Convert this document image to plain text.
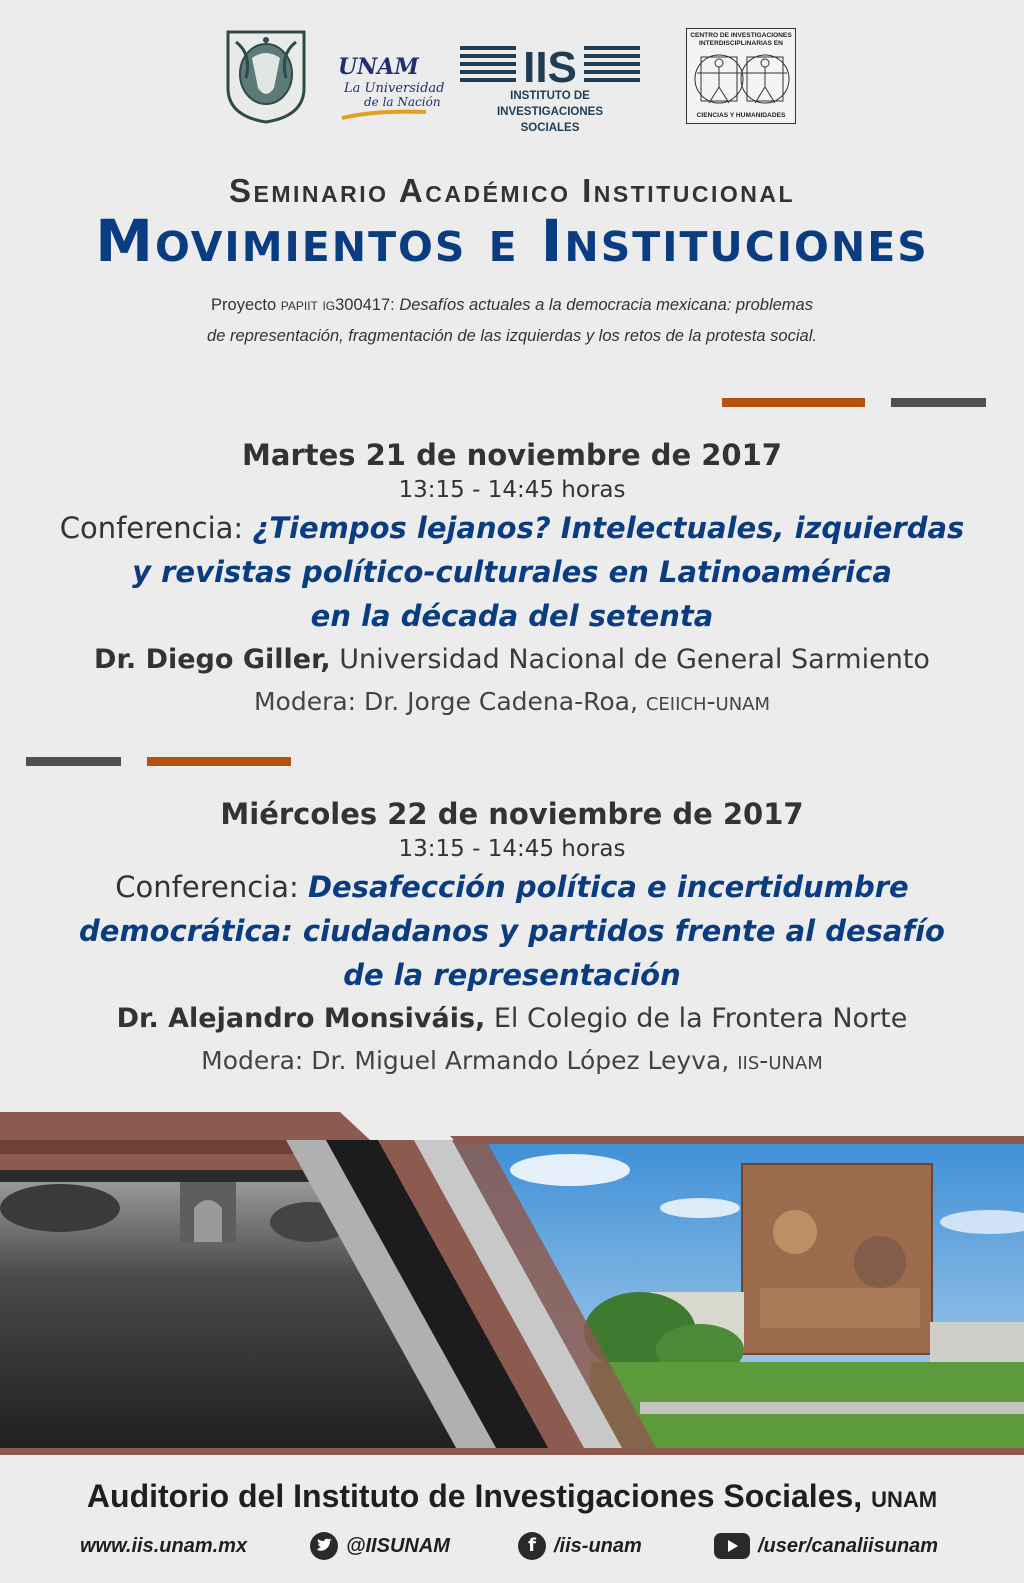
UNAM
La Universidad
de la Nación
IIS
INSTITUTO DE INVESTIGACIONES
SOCIALES
CENTRO DE INVESTIGACIONES
INTERDISCIPLINARIAS EN
CIENCIAS Y HUMANIDADES
Seminario Académico Institucional
Movimientos e Instituciones
Proyecto papiit ig300417: Desafíos actuales a la democracia mexicana: problemas
de representación, fragmentación de las izquierdas y los retos de la protesta social.
Martes 21 de noviembre de 2017
13:15 - 14:45 horas
Conferencia: ¿Tiempos lejanos? Intelectuales, izquierdas
y revistas político-culturales en Latinoamérica
en la década del setenta
Dr. Diego Giller, Universidad Nacional de General Sarmiento
Modera: Dr. Jorge Cadena-Roa, ceiich-unam
Miércoles 22 de noviembre de 2017
13:15 - 14:45 horas
Conferencia: Desafección política e incertidumbre
democrática: ciudadanos y partidos frente al desafío
de la representación
Dr. Alejandro Monsiváis, El Colegio de la Frontera Norte
Modera: Dr. Miguel Armando López Leyva, iis-unam
Auditorio del Instituto de Investigaciones Sociales, unam
www.iis.unam.mx	@IISUNAM	f /iis-unam	/user/canaliisunam
